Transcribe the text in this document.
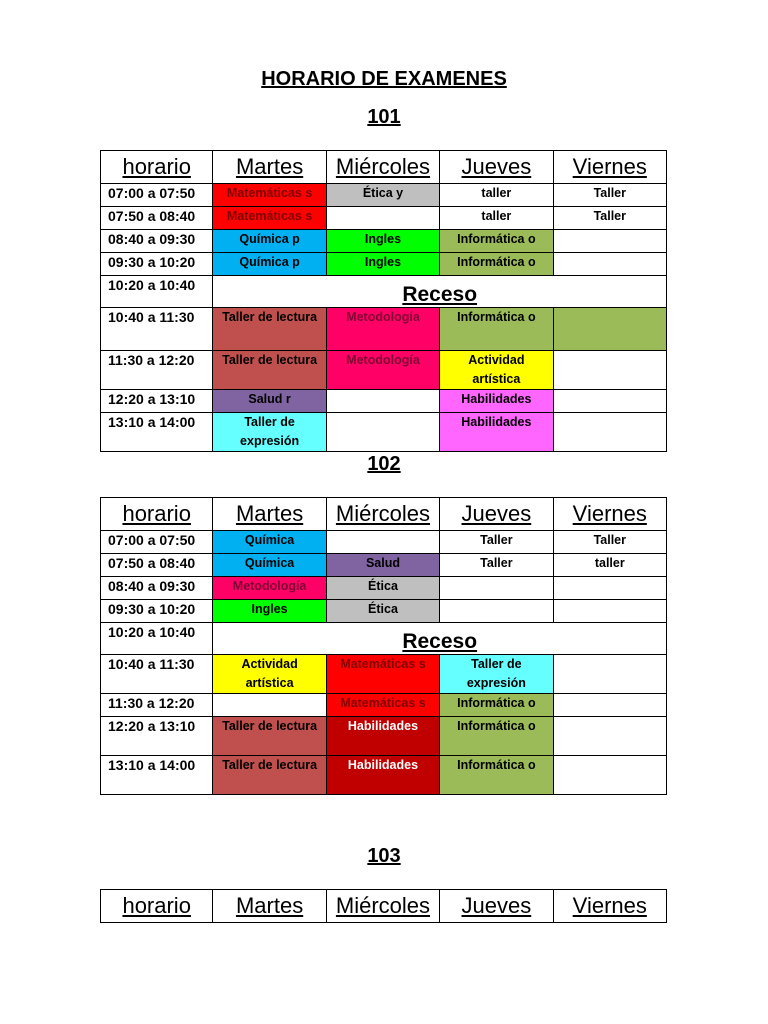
HORARIO DE EXAMENES
101
102
103
horario	Martes	Miércoles	Jueves	Viernes
07:00 a 07:50	Matemáticas s	Ética y	taller	Taller

07:50 a 08:40	Matemáticas s		taller	Taller

08:40 a 09:30	Química p	Ingles	Informática o	

09:30 a 10:20	Química p	Ingles	Informática o	

10:20 a 10:40	Receso			
10:40 a 11:30	Taller de lectura	Metodología	Informática o	

11:30 a 12:20	Taller de lectura	Metodología	Actividad artística	

12:20 a 13:10	Salud r		Habilidades	

13:10 a 14:00	Taller de expresión		Habilidades	

horario	Martes	Miércoles	Jueves	Viernes
07:00 a 07:50	Química		Taller	Taller

07:50 a 08:40	Química	Salud	Taller	taller

08:40 a 09:30	Metodología	Ética		

09:30 a 10:20	Ingles	Ética		

10:20 a 10:40	Receso			
10:40 a 11:30	Actividad artística	Matemáticas s	Taller de expresión	

11:30 a 12:20		Matemáticas s	Informática o	

12:20 a 13:10	Taller de lectura	Habilidades	Informática o	

13:10 a 14:00	Taller de lectura	Habilidades	Informática o	

horario	Martes	Miércoles	Jueves	Viernes
